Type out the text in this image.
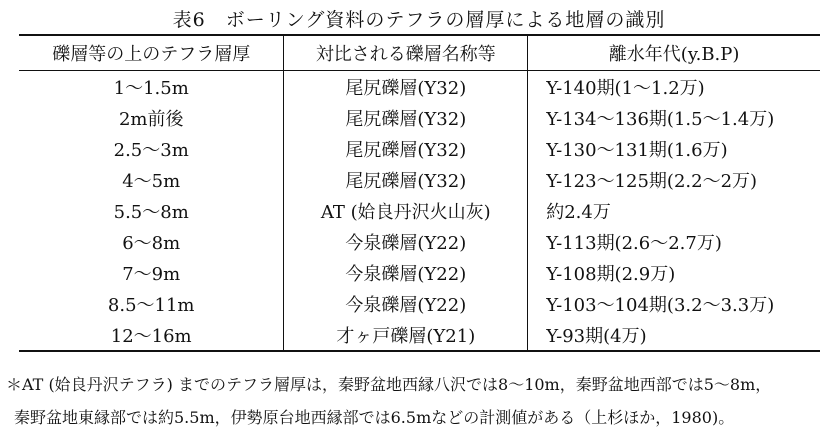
表6　ボーリング資料のテフラの層厚による地層の識別
礫層等の上のテフラ層厚	対比される礫層名称等	離水年代(y.B.P)
1〜1.5m	尾尻礫層(Y32)	Y-140期(1〜1.2万)
2m前後	尾尻礫層(Y32)	Y-134〜136期(1.5〜1.4万)
2.5〜3m	尾尻礫層(Y32)	Y-130〜131期(1.6万)
4〜5m	尾尻礫層(Y32)	Y-123〜125期(2.2〜2万)
5.5〜8m	AT (姶良丹沢火山灰)	約2.4万
6〜8m	今泉礫層(Y22)	Y-113期(2.6〜2.7万)
7〜9m	今泉礫層(Y22)	Y-108期(2.9万)
8.5〜11m	今泉礫層(Y22)	Y-103〜104期(3.2〜3.3万)
12〜16m	才ヶ戸礫層(Y21)	Y-93期(4万)
＊AT (姶良丹沢テフラ) までのテフラ層厚は，秦野盆地西縁八沢では8〜10m，秦野盆地西部では5〜8m，
秦野盆地東縁部では約5.5m，伊勢原台地西縁部では6.5mなどの計測値がある（上杉ほか，1980)。
